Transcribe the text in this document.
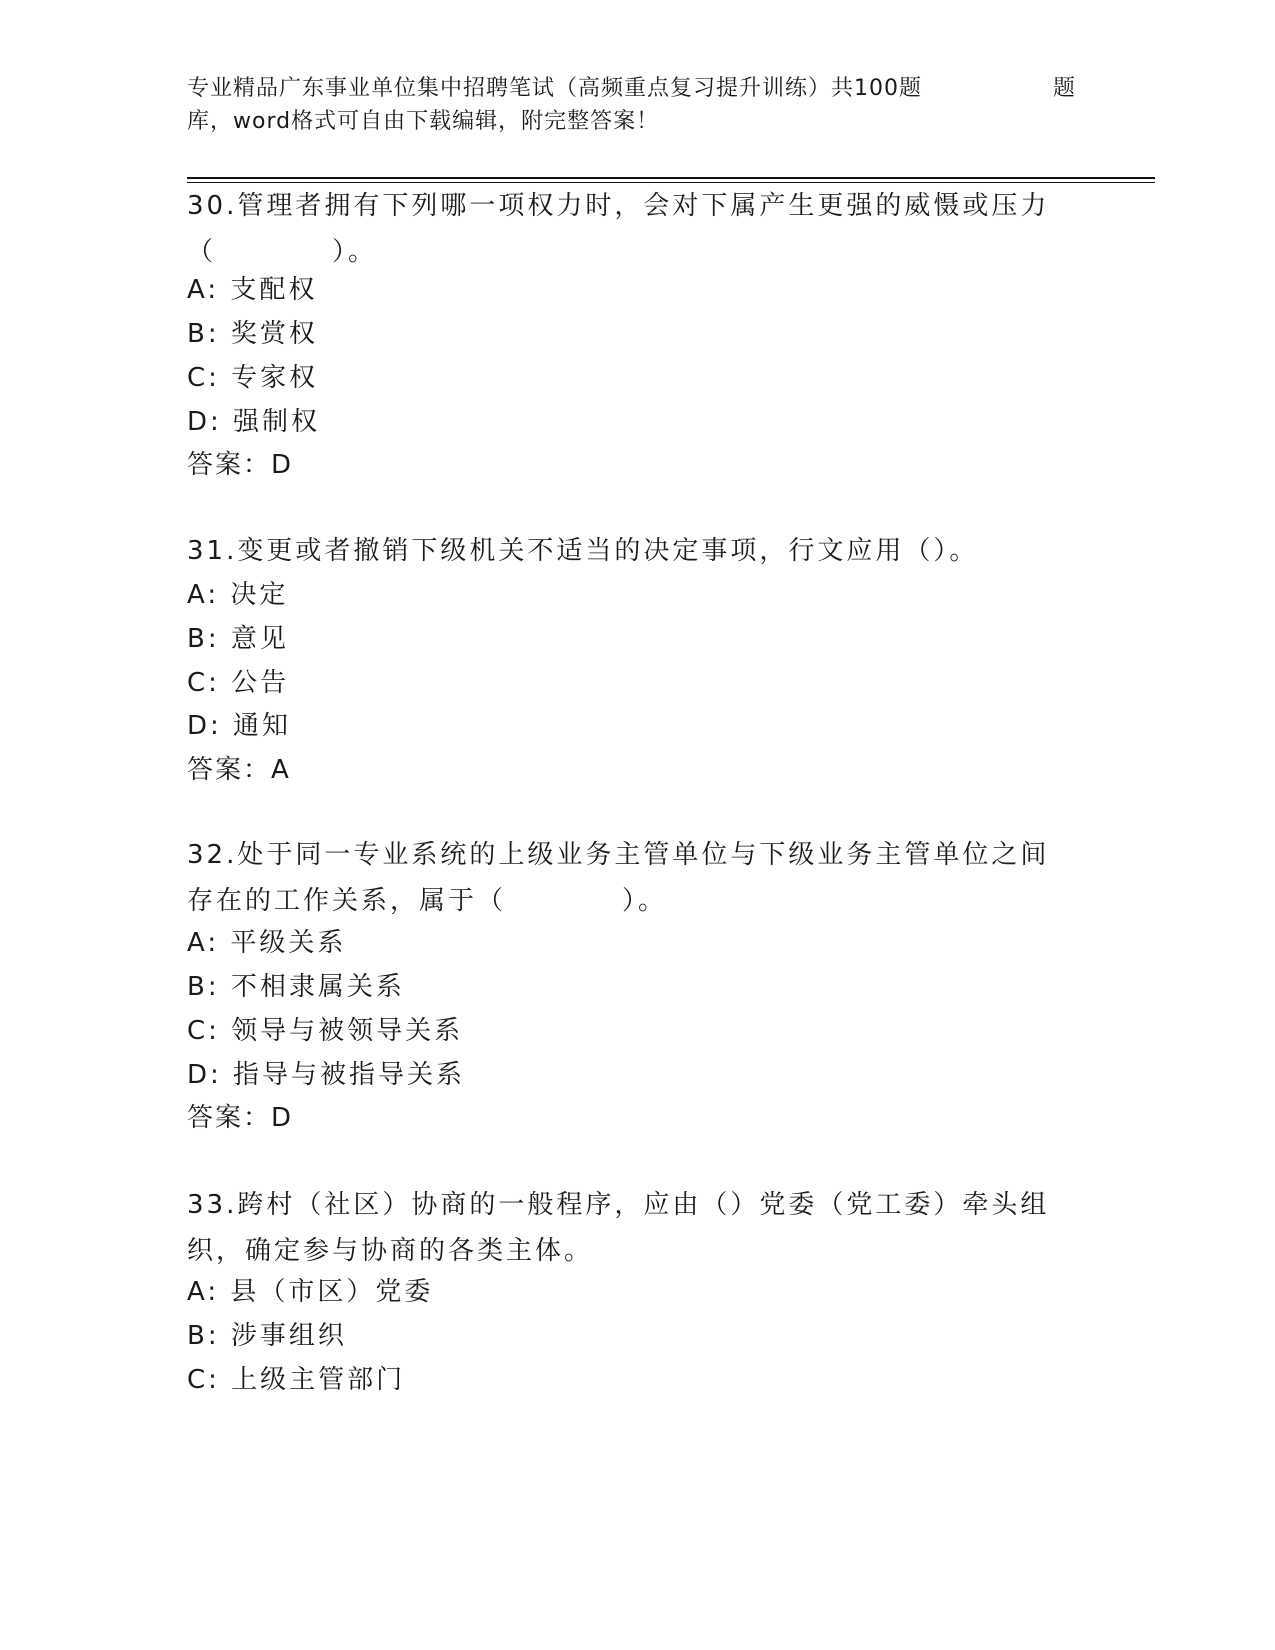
专业精品广东事业单位集中招聘笔试（高频重点复习提升训练）共100题	题
库，word格式可自由下载编辑，附完整答案！

30.管理者拥有下列哪一项权力时，会对下属产生更强的威慑或压力（　　　　）。

A: 支配权
B: 奖赏权
C: 专家权
D: 强制权
答案：D

31.变更或者撤销下级机关不适当的决定事项，行文应用（）。

A: 决定
B: 意见
C: 公告
D: 通知
答案：A

32.处于同一专业系统的上级业务主管单位与下级业务主管单位之间存在的工作关系，属于（　　　　）。

A: 平级关系
B: 不相隶属关系
C: 领导与被领导关系
D: 指导与被指导关系
答案：D

33.跨村（社区）协商的一般程序，应由（）党委（党工委）牵头组织，确定参与协商的各类主体。

A: 县（市区）党委
B: 涉事组织
C: 上级主管部门
